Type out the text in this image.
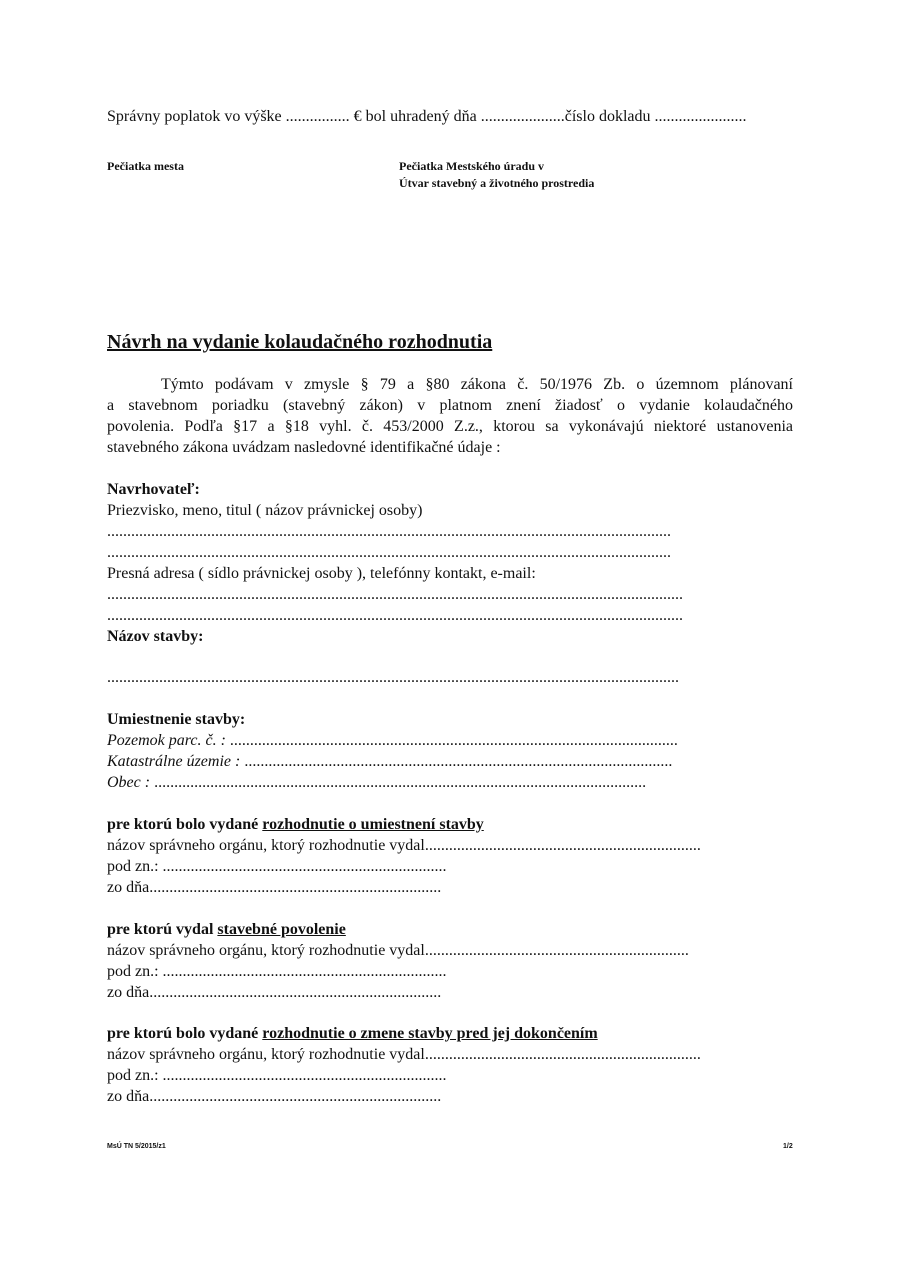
Správny poplatok vo výške ................ € bol uhradený dňa .....................číslo dokladu .......................
Pečiatka mesta	Pečiatka Mestského úradu v
Útvar stavebný a životného prostredia
Návrh na vydanie kolaudačného rozhodnutia
Týmto podávam v zmysle § 79 a §80 zákona č. 50/1976 Zb. o územnom plánovaní
a stavebnom poriadku (stavebný zákon) v platnom znení žiadosť o vydanie kolaudačného
povolenia. Podľa §17 a §18 vyhl. č. 453/2000 Z.z., ktorou sa vykonávajú niektoré ustanovenia
stavebného zákona uvádzam nasledovné identifikačné údaje :
Navrhovateľ:
Priezvisko, meno, titul ( názov právnickej osoby)
.............................................................................................................................................
.............................................................................................................................................
Presná adresa ( sídlo právnickej osoby ), telefónny kontakt, e-mail:
................................................................................................................................................
................................................................................................................................................
Názov stavby:
...............................................................................................................................................
Umiestnenie stavby:
Pozemok parc. č. : ................................................................................................................
Katastrálne územie : ...........................................................................................................
Obec : ...........................................................................................................................
pre ktorú bolo vydané rozhodnutie o umiestnení stavby
názov správneho orgánu, ktorý rozhodnutie vydal.....................................................................
pod zn.: .......................................................................
zo dňa.........................................................................
pre ktorú vydal stavebné povolenie
názov správneho orgánu, ktorý rozhodnutie vydal..................................................................
pod zn.: .......................................................................
zo dňa.........................................................................
pre ktorú bolo vydané rozhodnutie o zmene stavby pred jej dokončením
názov správneho orgánu, ktorý rozhodnutie vydal.....................................................................
pod zn.: .......................................................................
zo dňa.........................................................................
MsÚ TN 5/2015/z1	1/2
